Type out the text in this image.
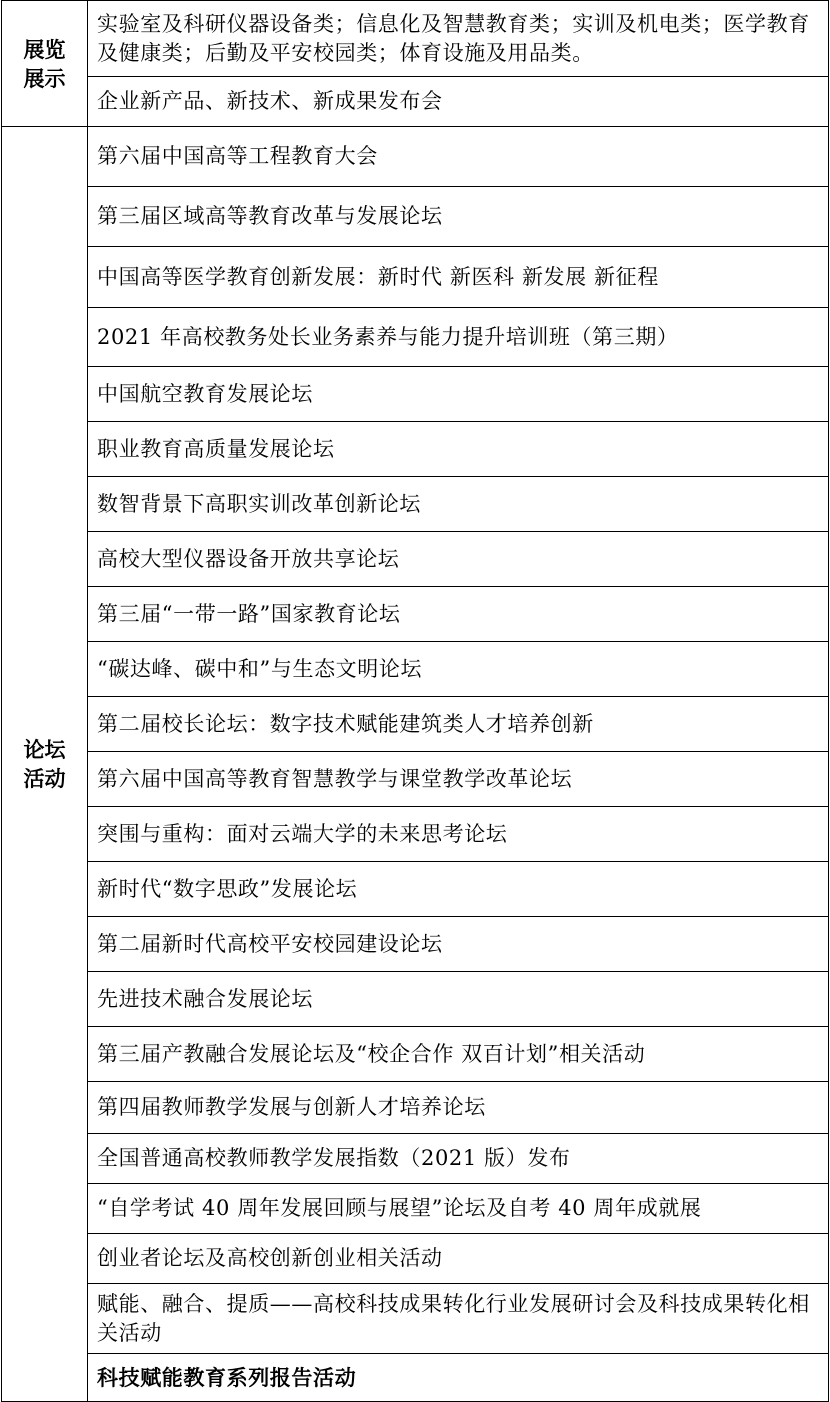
展览
展示	实验室及科研仪器设备类；信息化及智慧教育类；实训及机电类；医学教育及健康类；后勤及平安校园类；体育设施及用品类。
	企业新产品、新技术、新成果发布会

论坛
活动	第六届中国高等工程教育大会
	第三届区域高等教育改革与发展论坛
	中国高等医学教育创新发展：新时代 新医科 新发展 新征程
	2021 年高校教务处长业务素养与能力提升培训班（第三期）
	中国航空教育发展论坛
	职业教育高质量发展论坛
	数智背景下高职实训改革创新论坛
	高校大型仪器设备开放共享论坛
	第三届“一带一路”国家教育论坛
	“碳达峰、碳中和”与生态文明论坛
	第二届校长论坛：数字技术赋能建筑类人才培养创新
	第六届中国高等教育智慧教学与课堂教学改革论坛
	突围与重构：面对云端大学的未来思考论坛
	新时代“数字思政”发展论坛
	第二届新时代高校平安校园建设论坛
	先进技术融合发展论坛
	第三届产教融合发展论坛及“校企合作 双百计划”相关活动
	第四届教师教学发展与创新人才培养论坛
	全国普通高校教师教学发展指数（2021 版）发布
	“自学考试 40 周年发展回顾与展望”论坛及自考 40 周年成就展
	创业者论坛及高校创新创业相关活动
	赋能、融合、提质——高校科技成果转化行业发展研讨会及科技成果转化相关活动
	科技赋能教育系列报告活动
